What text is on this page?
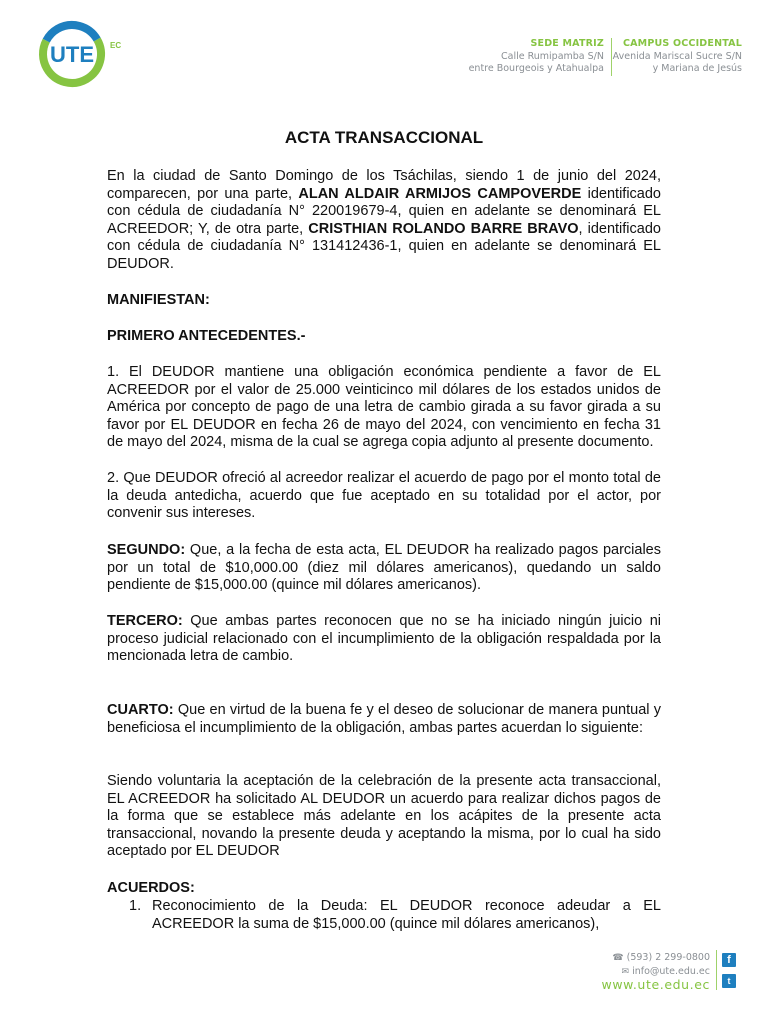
UTE EC	SEDE MATRIZ
Calle Rumipamba S/N
entre Bourgeois y Atahualpa
CAMPUS OCCIDENTAL
Avenida Mariscal Sucre S/N
y Mariana de Jesús
ACTA TRANSACCIONAL
En la ciudad de Santo Domingo de los Tsáchilas, siendo 1 de junio del 2024, comparecen, por una parte, ALAN ALDAIR ARMIJOS CAMPOVERDE identificado con cédula de ciudadanía N° 220019679-4, quien en adelante se denominará EL ACREEDOR; Y, de otra parte, CRISTHIAN ROLANDO BARRE BRAVO, identificado con cédula de ciudadanía N° 131412436-1, quien en adelante se denominará EL DEUDOR.
MANIFIESTAN:
PRIMERO ANTECEDENTES.-
1. El DEUDOR mantiene una obligación económica pendiente a favor de EL ACREEDOR por el valor de 25.000 veinticinco mil dólares de los estados unidos de América por concepto de pago de una letra de cambio girada a su favor girada a su favor por EL DEUDOR en fecha 26 de mayo del 2024, con vencimiento en fecha 31 de mayo del 2024, misma de la cual se agrega copia adjunto al presente documento.
2. Que DEUDOR ofreció al acreedor realizar el acuerdo de pago por el monto total de la deuda antedicha, acuerdo que fue aceptado en su totalidad por el actor, por convenir sus intereses.
SEGUNDO: Que, a la fecha de esta acta, EL DEUDOR ha realizado pagos parciales por un total de $10,000.00 (diez mil dólares americanos), quedando un saldo pendiente de $15,000.00 (quince mil dólares americanos).
TERCERO: Que ambas partes reconocen que no se ha iniciado ningún juicio ni proceso judicial relacionado con el incumplimiento de la obligación respaldada por la mencionada letra de cambio.
CUARTO: Que en virtud de la buena fe y el deseo de solucionar de manera puntual y beneficiosa el incumplimiento de la obligación, ambas partes acuerdan lo siguiente:
Siendo voluntaria la aceptación de la celebración de la presente acta transaccional, EL ACREEDOR ha solicitado AL DEUDOR un acuerdo para realizar dichos pagos de la forma que se establece más adelante en los acápites de la presente acta transaccional, novando la presente deuda y aceptando la misma, por lo cual ha sido aceptado por EL DEUDOR
ACUERDOS:
1. Reconocimiento de la Deuda: EL DEUDOR reconoce adeudar a EL ACREEDOR la suma de $15,000.00 (quince mil dólares americanos),
☎ (593) 2 299-0800
✉ info@ute.edu.ec
www.ute.edu.ec
f
t
